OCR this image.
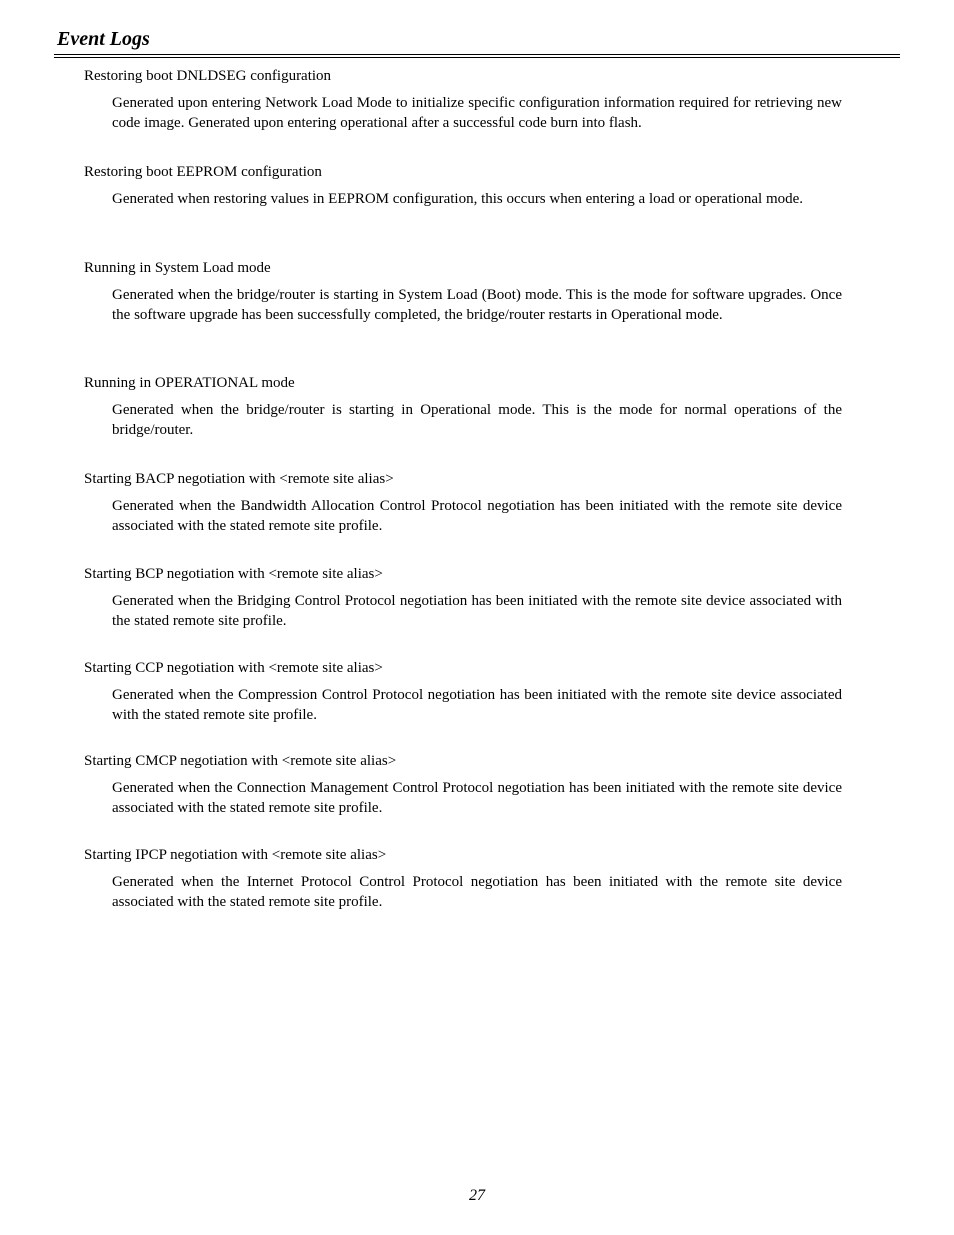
Event Logs

Restoring boot DNLDSEG configuration

Generated upon entering Network Load Mode to initialize specific configuration information required for retrieving new code image. Generated upon entering operational after a successful code burn into flash.

Restoring boot EEPROM configuration

Generated when restoring values in EEPROM configuration, this occurs when entering a load or operational mode.

Running in System Load mode

Generated when the bridge/router is starting in System Load (Boot) mode. This is the mode for software upgrades. Once the software upgrade has been successfully completed, the bridge/router restarts in Operational mode.

Running in OPERATIONAL mode

Generated when the bridge/router is starting in Operational mode. This is the mode for normal operations of the bridge/router.

Starting BACP negotiation with <remote site alias>

Generated when the Bandwidth Allocation Control Protocol negotiation has been initiated with the remote site device associated with the stated remote site profile.

Starting BCP negotiation with <remote site alias>

Generated when the Bridging Control Protocol negotiation has been initiated with the remote site device associated with the stated remote site profile.

Starting CCP negotiation with <remote site alias>

Generated when the Compression Control Protocol negotiation has been initiated with the remote site device associated with the stated remote site profile.

Starting CMCP negotiation with <remote site alias>

Generated when the Connection Management Control Protocol negotiation has been initiated with the remote site device associated with the stated remote site profile.

Starting IPCP negotiation with <remote site alias>

Generated when the Internet Protocol Control Protocol negotiation has been initiated with the remote site device associated with the stated remote site profile.

27
